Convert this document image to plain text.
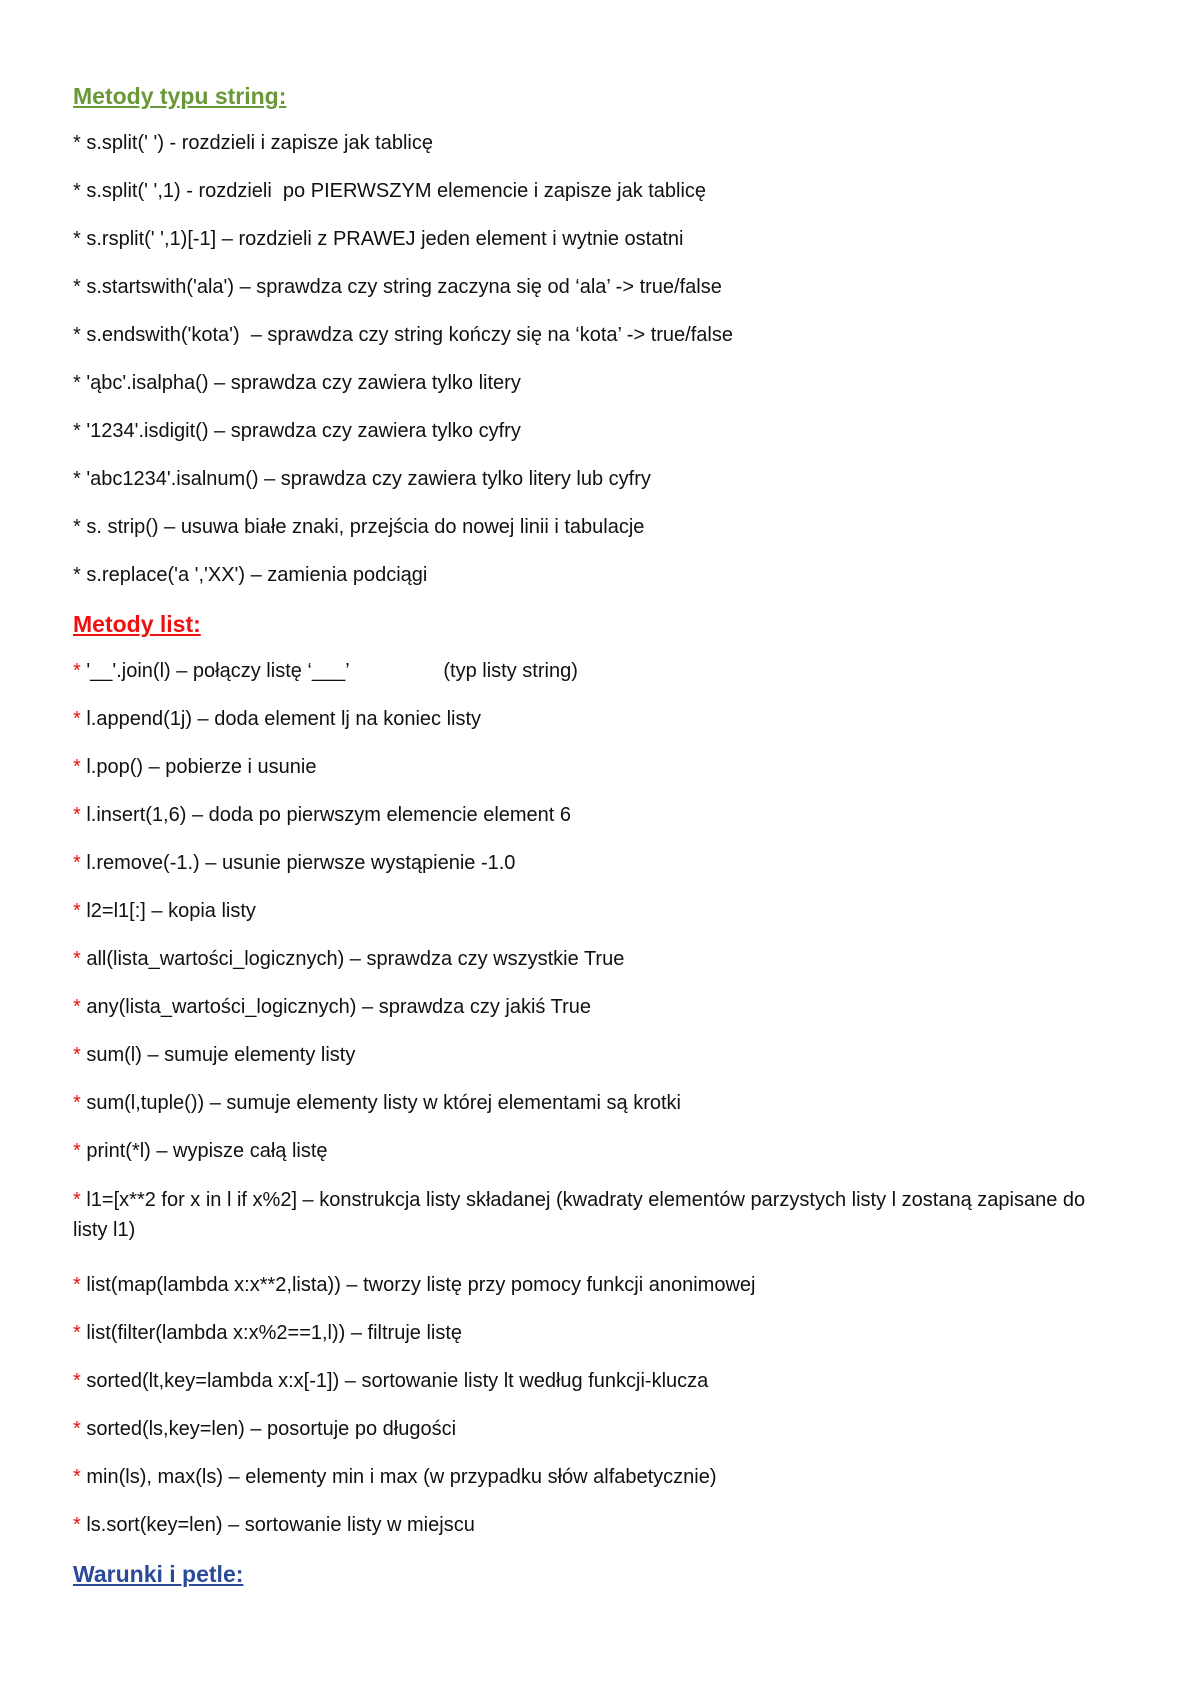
Metody typu string:
* s.split(' ') - rozdzieli i zapisze jak tablicę
* s.split(' ',1) - rozdzieli  po PIERWSZYM elemencie i zapisze jak tablicę
* s.rsplit(' ',1)[-1] – rozdzieli z PRAWEJ jeden element i wytnie ostatni
* s.startswith('ala') – sprawdza czy string zaczyna się od ‘ala’ -> true/false
* s.endswith('kota')  – sprawdza czy string kończy się na ‘kota’ -> true/false
* 'ąbc'.isalpha() – sprawdza czy zawiera tylko litery
* '1234'.isdigit() – sprawdza czy zawiera tylko cyfry
* 'abc1234'.isalnum() – sprawdza czy zawiera tylko litery lub cyfry
* s. strip() – usuwa białe znaki, przejścia do nowej linii i tabulacje
* s.replace('a ','XX') – zamienia podciągi
Metody list:
* '__'.join(l) – połączy listę ‘___’                 (typ listy string)
* l.append(1j) – doda element lj na koniec listy
* l.pop() – pobierze i usunie
* l.insert(1,6) – doda po pierwszym elemencie element 6
* l.remove(-1.) – usunie pierwsze wystąpienie -1.0
* l2=l1[:] – kopia listy
* all(lista_wartości_logicznych) – sprawdza czy wszystkie True
* any(lista_wartości_logicznych) – sprawdza czy jakiś True
* sum(l) – sumuje elementy listy
* sum(l,tuple()) – sumuje elementy listy w której elementami są krotki
* print(*l) – wypisze całą listę
* l1=[x**2 for x in l if x%2] – konstrukcja listy składanej (kwadraty elementów parzystych listy l zostaną zapisane do listy l1)
* list(map(lambda x:x**2,lista)) – tworzy listę przy pomocy funkcji anonimowej
* list(filter(lambda x:x%2==1,l)) – filtruje listę
* sorted(lt,key=lambda x:x[-1]) – sortowanie listy lt według funkcji-klucza
* sorted(ls,key=len) – posortuje po długości
* min(ls), max(ls) – elementy min i max (w przypadku słów alfabetycznie)
* ls.sort(key=len) – sortowanie listy w miejscu
Warunki i petle:
